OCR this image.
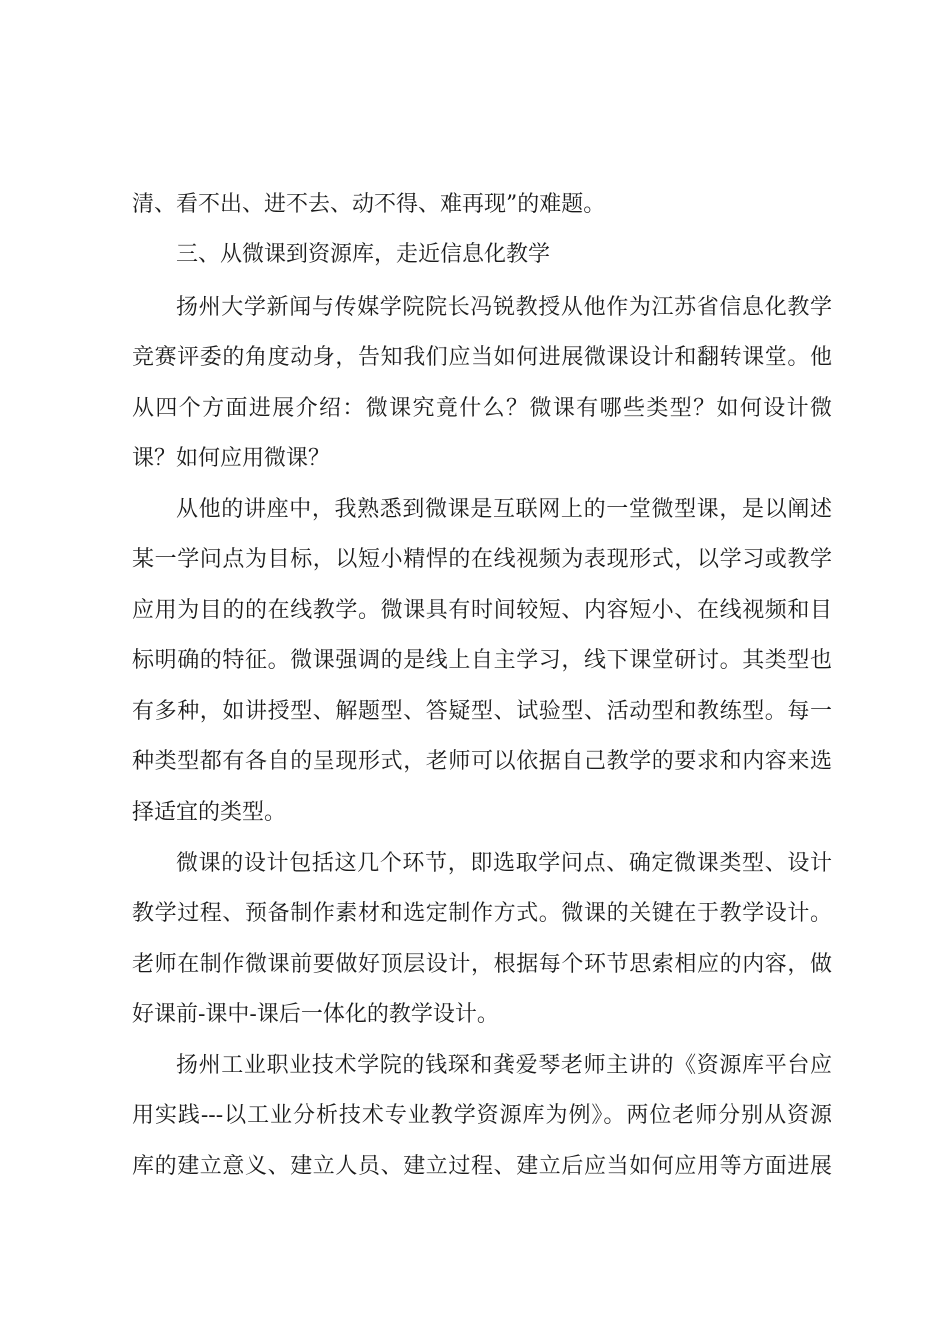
清、看不出、进不去、动不得、难再现”的难题。
三、从微课到资源库，走近信息化教学
扬州大学新闻与传媒学院院长冯锐教授从他作为江苏省信息化教学
竞赛评委的角度动身，告知我们应当如何进展微课设计和翻转课堂。他
从四个方面进展介绍：微课究竟什么？微课有哪些类型？如何设计微
课？如何应用微课？
从他的讲座中，我熟悉到微课是互联网上的一堂微型课，是以阐述
某一学问点为目标，以短小精悍的在线视频为表现形式，以学习或教学
应用为目的的在线教学。微课具有时间较短、内容短小、在线视频和目
标明确的特征。微课强调的是线上自主学习，线下课堂研讨。其类型也
有多种，如讲授型、解题型、答疑型、试验型、活动型和教练型。每一
种类型都有各自的呈现形式，老师可以依据自己教学的要求和内容来选
择适宜的类型。
微课的设计包括这几个环节，即选取学问点、确定微课类型、设计
教学过程、预备制作素材和选定制作方式。微课的关键在于教学设计。
老师在制作微课前要做好顶层设计，根据每个环节思索相应的内容，做
好课前-课中-课后一体化的教学设计。
扬州工业职业技术学院的钱琛和龚爱琴老师主讲的《资源库平台应
用实践---以工业分析技术专业教学资源库为例》。两位老师分别从资源
库的建立意义、建立人员、建立过程、建立后应当如何应用等方面进展
